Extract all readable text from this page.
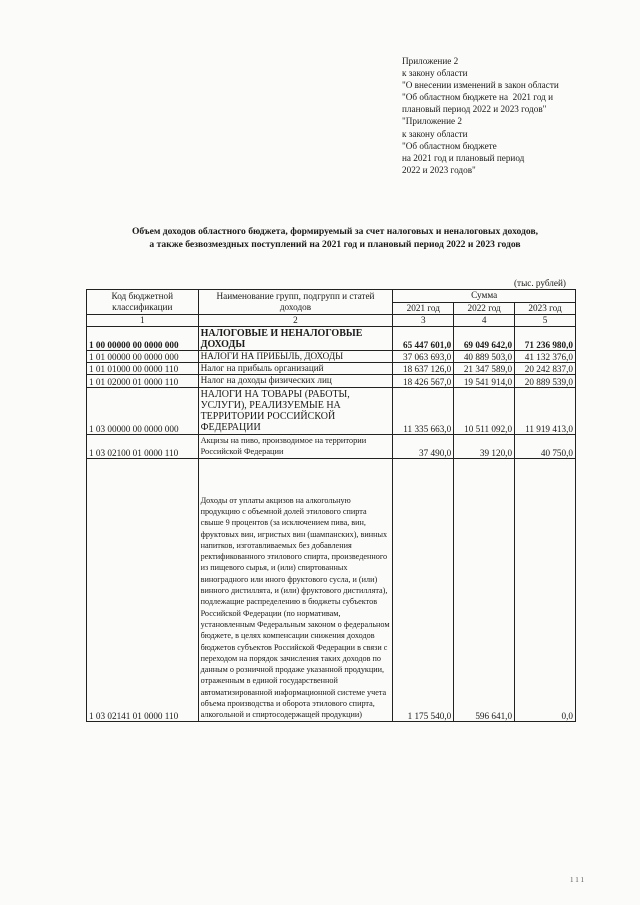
Приложение 2
к закону области
"О внесении изменений в закон области
"Об областном бюджете на  2021 год и
плановый период 2022 и 2023 годов"
"Приложение 2
к закону области
"Об областном бюджете
на 2021 год и плановый период
2022 и 2023 годов"
Объем доходов областного бюджета, формируемый за счет налоговых и неналоговых доходов,
а также безвозмездных поступлений на 2021 год и плановый период 2022 и 2023 годов
(тыс. рублей)
Код бюджетной классификации	Наименование групп, подгрупп и статей доходов	Сумма		
		2021 год	2022 год	2023 год
1	2	3	4	5
1 00 00000 00 0000 000	НАЛОГОВЫЕ И НЕНАЛОГОВЫЕ ДОХОДЫ	65 447 601,0	69 049 642,0	71 236 980,0
1 01 00000 00 0000 000	НАЛОГИ НА ПРИБЫЛЬ, ДОХОДЫ	37 063 693,0	40 889 503,0	41 132 376,0
1 01 01000 00 0000 110	Налог на прибыль организаций	18 637 126,0	21 347 589,0	20 242 837,0
1 01 02000 01 0000 110	Налог на доходы физических лиц	18 426 567,0	19 541 914,0	20 889 539,0
1 03 00000 00 0000 000	НАЛОГИ НА ТОВАРЫ (РАБОТЫ, УСЛУГИ), РЕАЛИЗУЕМЫЕ НА ТЕРРИТОРИИ РОССИЙСКОЙ ФЕДЕРАЦИИ	11 335 663,0	10 511 092,0	11 919 413,0
1 03 02100 01 0000 110	Акцизы на пиво, производимое на территории Российской Федерации	37 490,0	39 120,0	40 750,0
1 03 02141 01 0000 110	Доходы от уплаты акцизов на алкогольную продукцию с объемной долей этилового спирта свыше 9 процентов (за исключением пива, вин, фруктовых вин, игристых вин (шампанских), винных напитков, изготавливаемых без добавления ректификованного этилового спирта, произведенного из пищевого сырья, и (или) спиртованных виноградного или иного фруктового сусла, и (или) винного дистиллята, и (или) фруктового дистиллята), подлежащие распределению в бюджеты субъектов Российской Федерации (по нормативам, установленным Федеральным законом о федеральном бюджете, в целях компенсации снижения доходов бюджетов субъектов Российской Федерации в связи с переходом на порядок зачисления таких доходов по данным о розничной продаже указанной продукции, отраженным в единой государственной автоматизированной информационной системе учета объема производства и оборота этилового спирта, алкогольной и спиртосодержащей продукции)	1 175 540,0	596 641,0	0,0
111
